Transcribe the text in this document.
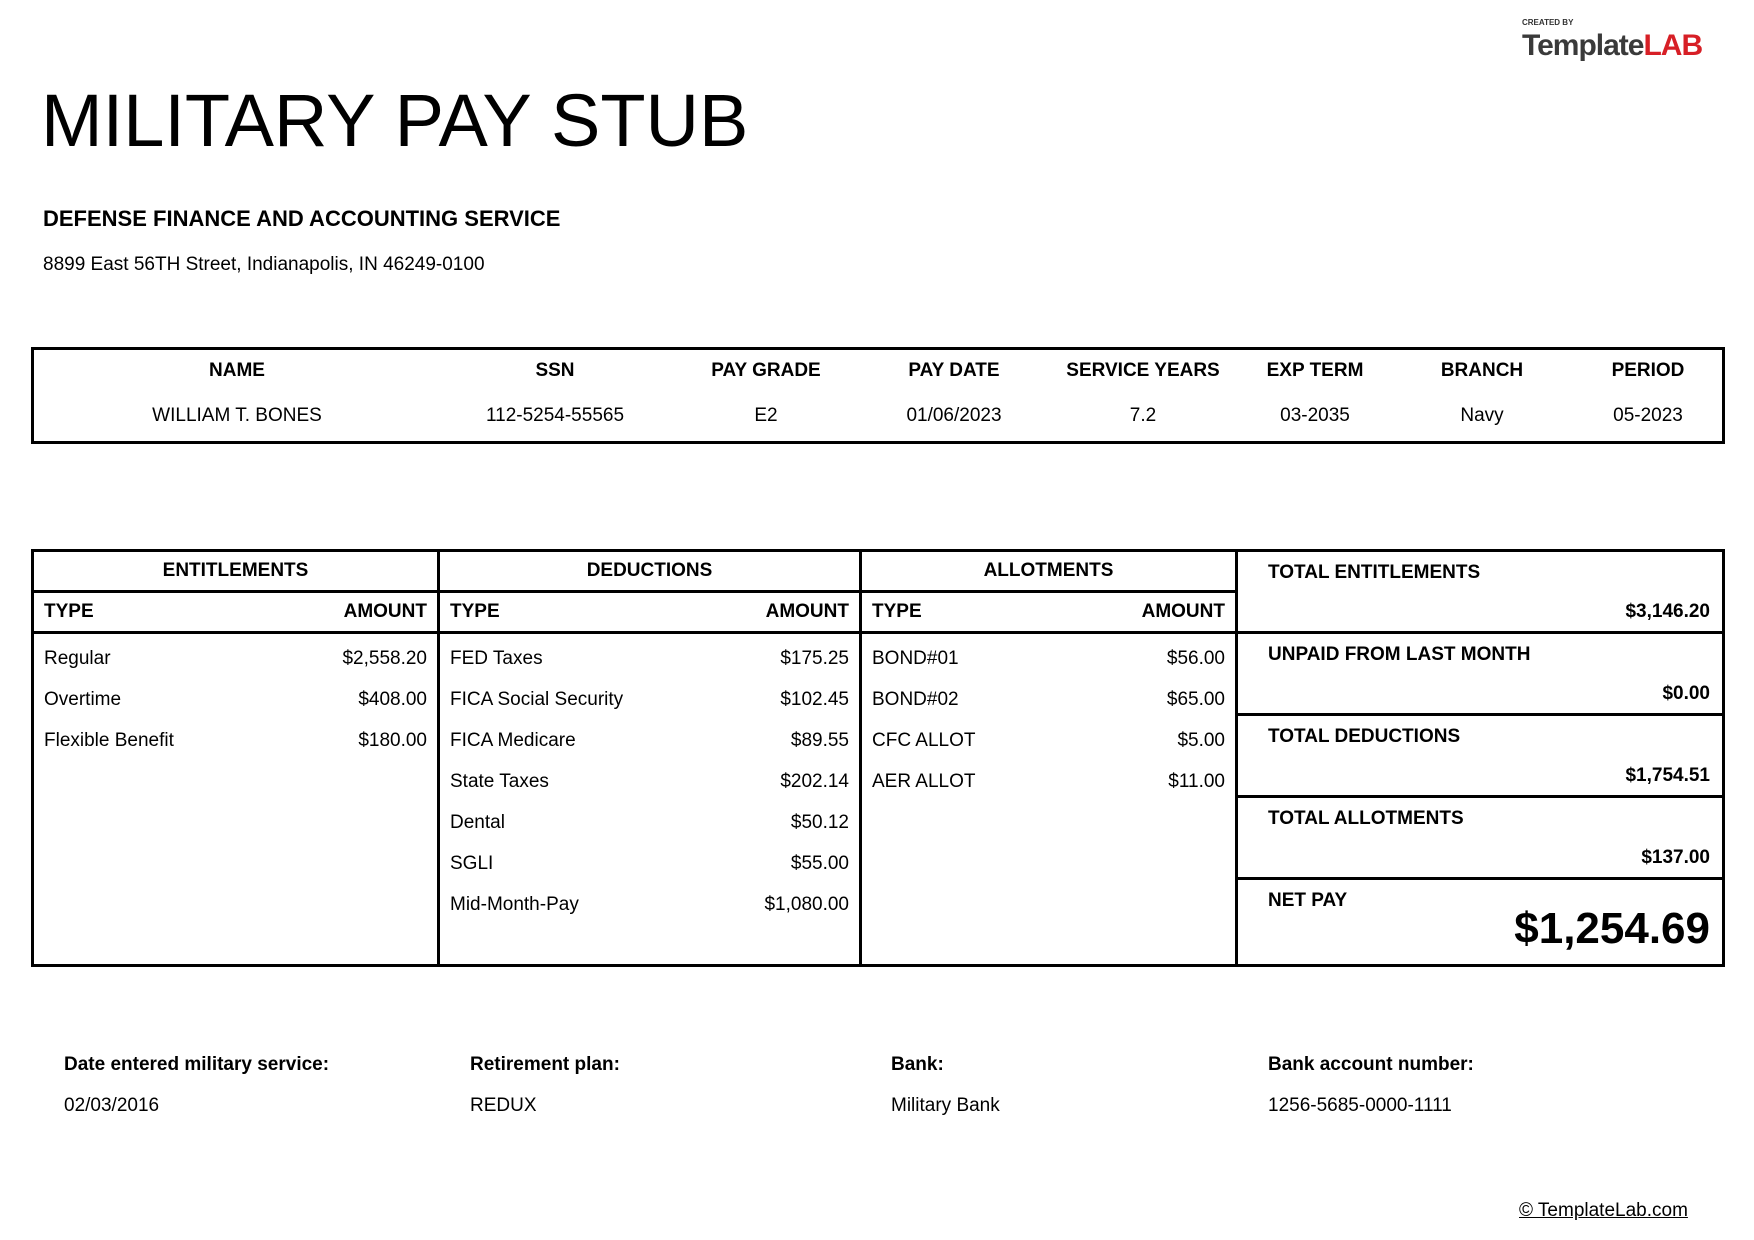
CREATED BY
TemplateLAB
MILITARY PAY STUB
DEFENSE FINANCE AND ACCOUNTING SERVICE
8899 East 56TH Street, Indianapolis, IN 46249-0100
NAME	SSN	PAY GRADE	PAY DATE	SERVICE YEARS	EXP TERM	BRANCH	PERIOD
WILLIAM T. BONES	112-5254-55565	E2	01/06/2023	7.2	03-2035	Navy	05-2023
ENTITLEMENTS
TYPE	AMOUNT
Regular	$2,558.20
Overtime	$408.00
Flexible Benefit	$180.00
DEDUCTIONS
TYPE	AMOUNT
FED Taxes	$175.25
FICA Social Security	$102.45
FICA Medicare	$89.55
State Taxes	$202.14
Dental	$50.12
SGLI	$55.00
Mid-Month-Pay	$1,080.00
ALLOTMENTS
TYPE	AMOUNT
BOND#01	$56.00
BOND#02	$65.00
CFC ALLOT	$5.00
AER ALLOT	$11.00
TOTAL ENTITLEMENTS
$3,146.20
UNPAID FROM LAST MONTH
$0.00
TOTAL DEDUCTIONS
$1,754.51
TOTAL ALLOTMENTS
$137.00
NET PAY
$1,254.69
Date entered military service:
02/03/2016
Retirement plan:
REDUX
Bank:
Military Bank
Bank account number:
1256-5685-0000-1111
© TemplateLab.com
